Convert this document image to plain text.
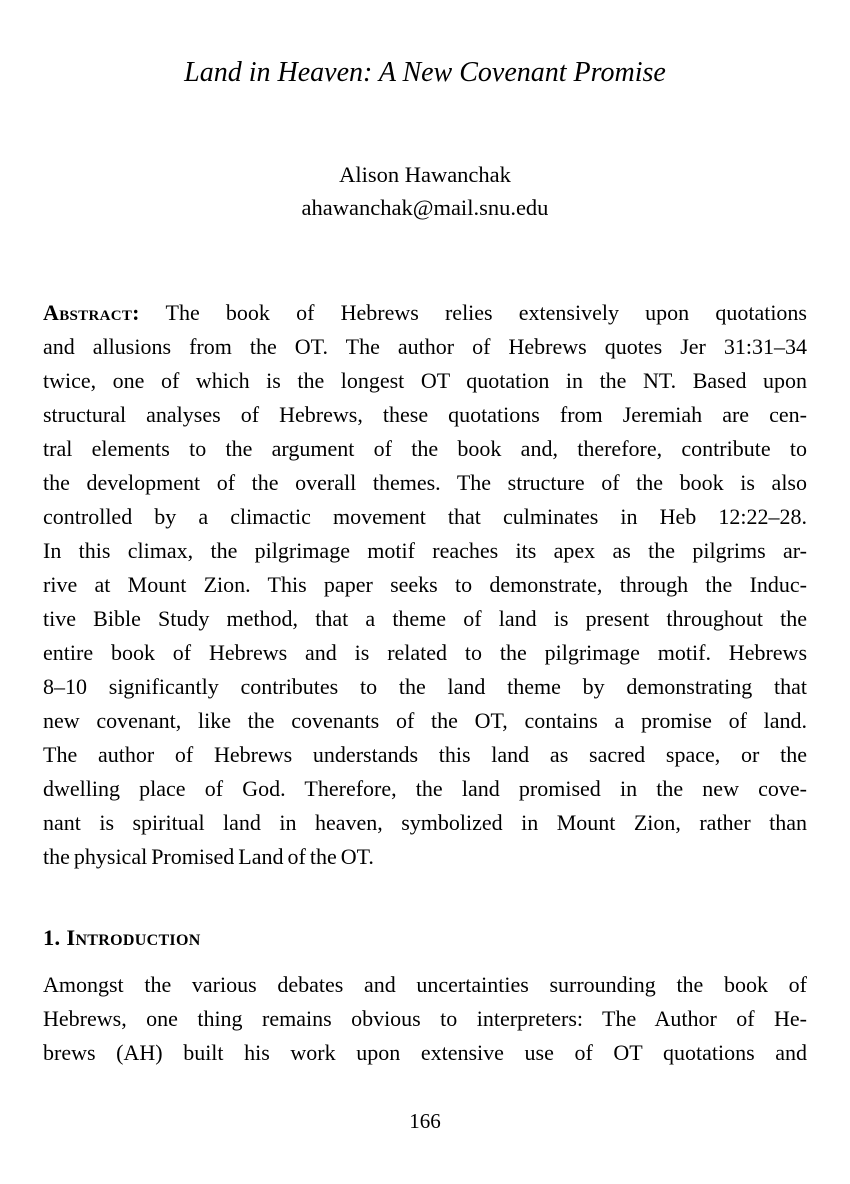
Land in Heaven: A New Covenant Promise
Alison Hawanchak
ahawanchak@mail.snu.edu
Abstract: The book of Hebrews relies extensively upon quotations
and allusions from the OT. The author of Hebrews quotes Jer 31:31–34
twice, one of which is the longest OT quotation in the NT. Based upon
structural analyses of Hebrews, these quotations from Jeremiah are cen-
tral elements to the argument of the book and, therefore, contribute to
the development of the overall themes. The structure of the book is also
controlled by a climactic movement that culminates in Heb 12:22–28.
In this climax, the pilgrimage motif reaches its apex as the pilgrims ar-
rive at Mount Zion. This paper seeks to demonstrate, through the Induc-
tive Bible Study method, that a theme of land is present throughout the
entire book of Hebrews and is related to the pilgrimage motif. Hebrews
8–10 significantly contributes to the land theme by demonstrating that
new covenant, like the covenants of the OT, contains a promise of land.
The author of Hebrews understands this land as sacred space, or the
dwelling place of God. Therefore, the land promised in the new cove-
nant is spiritual land in heaven, symbolized in Mount Zion, rather than
the physical Promised Land of the OT.
1. Introduction
Amongst the various debates and uncertainties surrounding the book of
Hebrews, one thing remains obvious to interpreters: The Author of He-
brews (AH) built his work upon extensive use of OT quotations and
166
